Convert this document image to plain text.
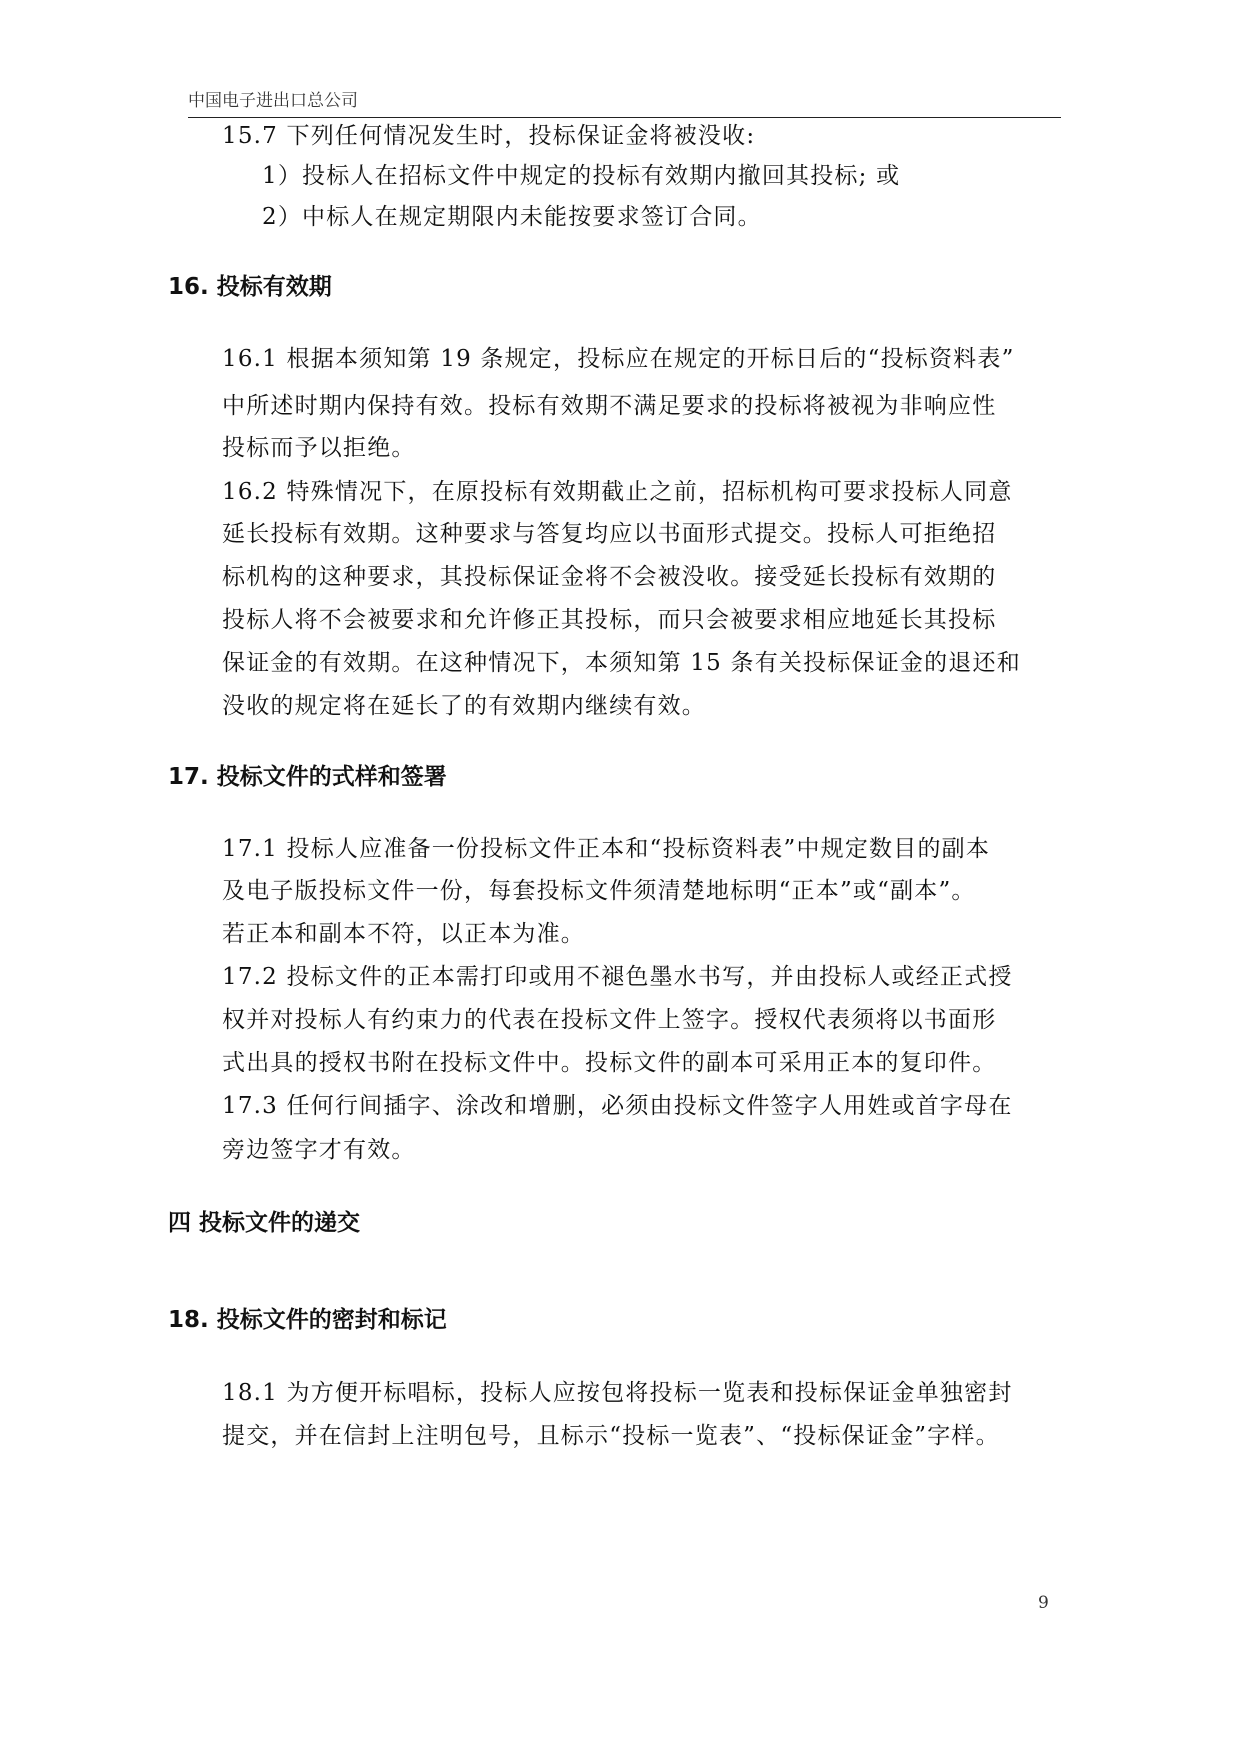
中国电子进出口总公司
15.7 下列任何情况发生时，投标保证金将被没收:
1）投标人在招标文件中规定的投标有效期内撤回其投标; 或
2）中标人在规定期限内未能按要求签订合同。
16. 投标有效期
16.1 根据本须知第 19 条规定，投标应在规定的开标日后的“投标资料表”
中所述时期内保持有效。投标有效期不满足要求的投标将被视为非响应性
投标而予以拒绝。
16.2 特殊情况下，在原投标有效期截止之前，招标机构可要求投标人同意
延长投标有效期。这种要求与答复均应以书面形式提交。投标人可拒绝招
标机构的这种要求，其投标保证金将不会被没收。接受延长投标有效期的
投标人将不会被要求和允许修正其投标，而只会被要求相应地延长其投标
保证金的有效期。在这种情况下，本须知第 15 条有关投标保证金的退还和
没收的规定将在延长了的有效期内继续有效。
17. 投标文件的式样和签署
17.1 投标人应准备一份投标文件正本和“投标资料表”中规定数目的副本
及电子版投标文件一份，每套投标文件须清楚地标明“正本”或“副本”。
若正本和副本不符，以正本为准。
17.2 投标文件的正本需打印或用不褪色墨水书写，并由投标人或经正式授
权并对投标人有约束力的代表在投标文件上签字。授权代表须将以书面形
式出具的授权书附在投标文件中。投标文件的副本可采用正本的复印件。
17.3 任何行间插字、涂改和增删，必须由投标文件签字人用姓或首字母在
旁边签字才有效。
四 投标文件的递交
18. 投标文件的密封和标记
18.1 为方便开标唱标，投标人应按包将投标一览表和投标保证金单独密封
提交，并在信封上注明包号，且标示“投标一览表”、“投标保证金”字样。
9
